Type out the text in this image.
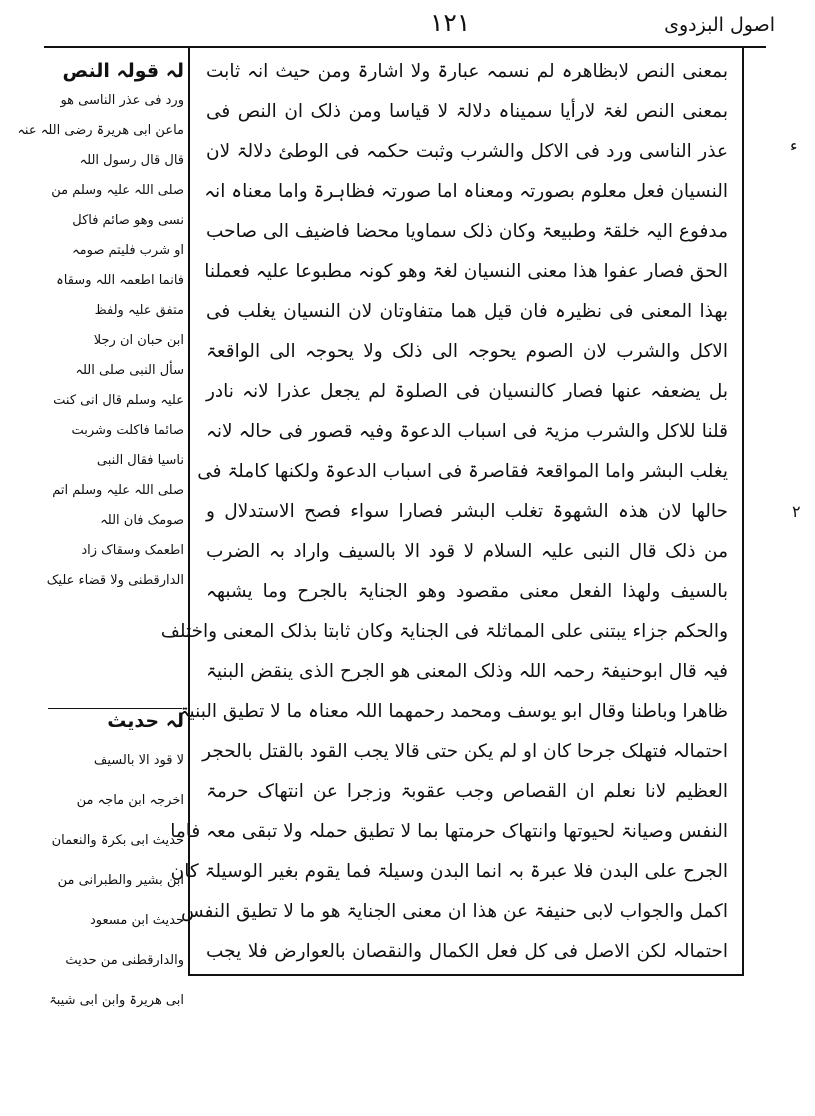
اصول البزدوی
۱۲۱
بمعنی النص لابظاهرہ لم نسمہ عبارۃ ولا اشارۃ ومن حیث انہ ثابت
بمعنی النص لغۃ لارأیا سمیناہ دلالۃ لا قیاسا ومن ذلک ان النص فی
عذر الناسی ورد فی الاکل والشرب وثبت حکمہ فی الوطئ دلالۃ لان
النسیان فعل معلوم بصورتہ ومعناہ اما صورتہ فظاہرۃ واما معناہ انہ
مدفوع الیہ خلقۃ وطبیعۃ وکان ذلک سماویا محضا فاضیف الی صاحب
الحق فصار عفوا ھذا معنی النسیان لغۃ وھو کونہ مطبوعا علیہ فعملنا
بھذا المعنی فی نظیرہ فان قیل ھما متفاوتان لان النسیان یغلب فی
الاکل والشرب لان الصوم یحوجہ الی ذلک ولا یحوجہ الی الواقعۃ
بل یضعفہ عنھا فصار کالنسیان فی الصلوۃ لم یجعل عذرا لانہ نادر
قلنا للاکل والشرب مزیۃ فی اسباب الدعوۃ وفیہ قصور فی حالہ لانہ
یغلب البشر واما المواقعۃ فقاصرۃ فی اسباب الدعوۃ ولکنھا کاملۃ فی
حالھا لان ھذہ الشھوۃ تغلب البشر فصارا سواء فصح الاستدلال و
من ذلک قال النبی علیہ السلام لا قود الا بالسیف واراد بہ الضرب
بالسیف ولھذا الفعل معنی مقصود وھو الجنایۃ بالجرح وما یشبھہ
والحکم جزاء یبتنی علی المماثلۃ فی الجنایۃ وکان ثابتا بذلک المعنی واختلف
فیہ قال ابوحنیفۃ رحمہ اللہ وذلک المعنی ھو الجرح الذی ینقض البنیۃ
ظاھرا وباطنا وقال ابو یوسف ومحمد رحمھما اللہ معناہ ما لا تطیق البنیۃ
احتمالہ فتھلک جرحا کان او لم یکن حتی قالا یجب القود بالقتل بالحجر
العظیم لانا نعلم ان القصاص وجب عقوبۃ وزجرا عن انتھاک حرمۃ
النفس وصیانۃ لحیوتھا وانتھاک حرمتھا بما لا تطیق حملہ ولا تبقی معہ فاما
الجرح علی البدن فلا عبرۃ بہ انما البدن وسیلۃ فما یقوم بغیر الوسیلۃ کان
اکمل والجواب لابی حنیفۃ عن ھذا ان معنی الجنایۃ ھو ما لا تطیق النفس
احتمالہ لکن الاصل فی کل فعل الکمال والنقصان بالعوارض فلا یجب
لہ قولہ النص
ورد فی عذر الناسی ھو
ماعن ابی ھریرۃ رضی اللہ عنہ
قال قال رسول اللہ
صلی اللہ علیہ وسلم من
نسی وھو صائم فاکل
او شرب فلیتم صومہ
فانما اطعمہ اللہ وسقاہ
متفق علیہ ولفظ
ابن حبان ان رجلا
سأل النبی صلی اللہ
علیہ وسلم قال انی کنت
صائما فاکلت وشربت
ناسیا فقال النبی
صلی اللہ علیہ وسلم اتم
صومک فان اللہ
اطعمک وسقاک زاد
الدارقطنی ولا قضاء علیک
لہ حدیث
لا قود الا بالسیف
اخرجہ ابن ماجہ من
حدیث ابی بکرۃ والنعمان
ابن بشیر والطبرانی من
حدیث ابن مسعود
والدارقطنی من حدیث
ابی ھریرۃ وابن ابی شیبۃ
ء
۲
